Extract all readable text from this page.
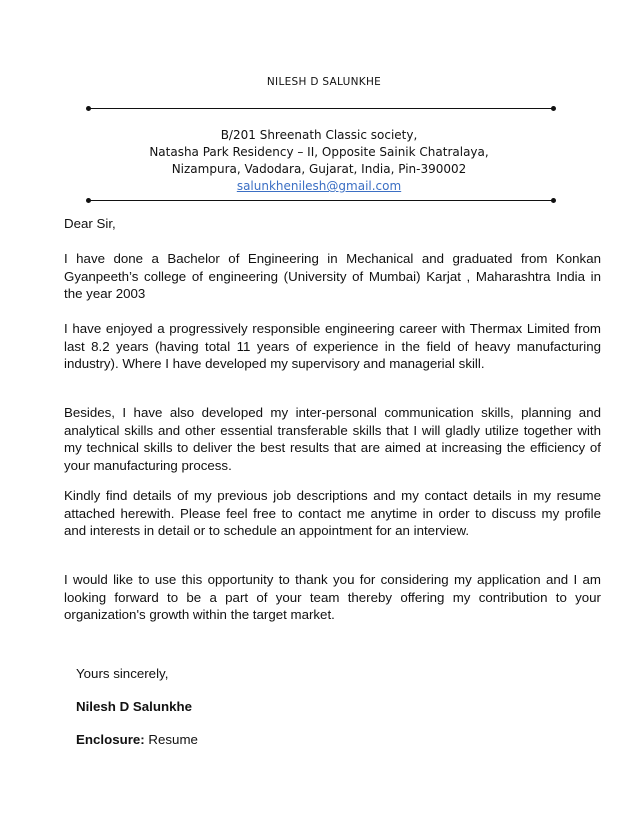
NILESH D SALUNKHE
B/201 Shreenath Classic society,
Natasha Park Residency – II, Opposite Sainik Chatralaya,
Nizampura, Vadodara, Gujarat, India, Pin-390002
salunkhenilesh@gmail.com
Dear Sir,
I have done a Bachelor of Engineering in Mechanical and graduated from Konkan Gyanpeeth’s college of engineering (University of Mumbai) Karjat , Maharashtra India in the year 2003
I have enjoyed a progressively responsible engineering career with Thermax Limited from last 8.2 years (having total 11 years of experience in the field of heavy manufacturing industry). Where I have developed my supervisory and managerial skill.
Besides, I have also developed my inter-personal communication skills, planning and analytical skills and other essential transferable skills that I will gladly utilize together with my technical skills to deliver the best results that are aimed at increasing the efficiency of your manufacturing process.
Kindly find details of my previous job descriptions and my contact details in my resume attached herewith. Please feel free to contact me anytime in order to discuss my profile and interests in detail or to schedule an appointment for an interview.
I would like to use this opportunity to thank you for considering my application and I am looking forward to be a part of your team thereby offering my contribution to your organization's growth within the target market.
Yours sincerely,
Nilesh D Salunkhe
Enclosure: Resume
